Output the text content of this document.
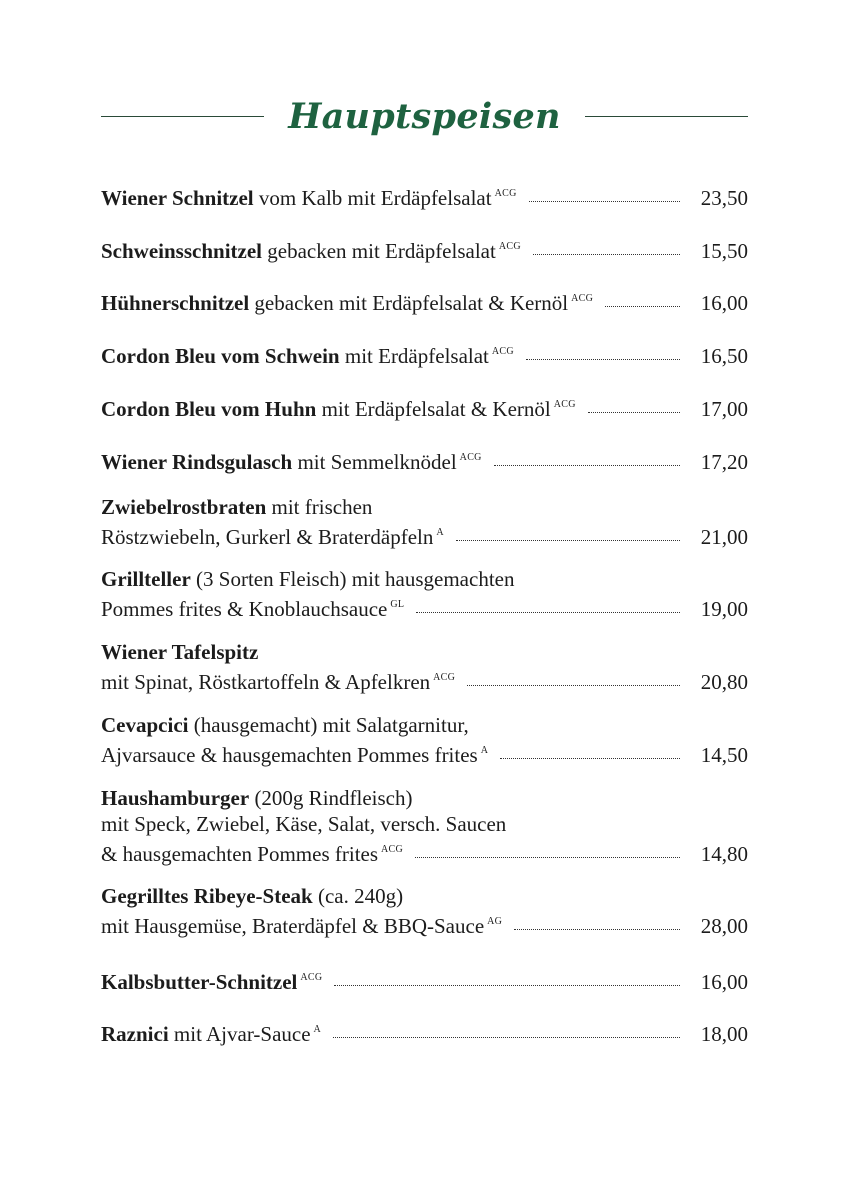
Hauptspeisen
Wiener Schnitzel vom Kalb mit Erdäpfelsalat $^{ACG}$	23,50
Schweinsschnitzel gebacken mit Erdäpfelsalat $^{ACG}$	15,50
Hühnerschnitzel gebacken mit Erdäpfelsalat & Kernöl $^{ACG}$	16,00
Cordon Bleu vom Schwein mit Erdäpfelsalat $^{ACG}$	16,50
Cordon Bleu vom Huhn mit Erdäpfelsalat & Kernöl $^{ACG}$	17,00
Wiener Rindsgulasch mit Semmelknödel $^{ACG}$	17,20
Zwiebelrostbraten mit frischen
Röstzwiebeln, Gurkerl & Braterdäpfeln $^A$	21,00
Grillteller (3 Sorten Fleisch) mit hausgemachten
Pommes frites & Knoblauchsauce $^{GL}$	19,00
Wiener Tafelspitz
mit Spinat, Röstkartoffeln & Apfelkren $^{ACG}$	20,80
Cevapcici (hausgemacht) mit Salatgarnitur,
Ajvarsauce & hausgemachten Pommes frites $^A$	14,50
Haushamburger (200g Rindfleisch)
mit Speck, Zwiebel, Käse, Salat, versch. Saucen
& hausgemachten Pommes frites $^{ACG}$	14,80
Gegrilltes Ribeye-Steak (ca. 240g)
mit Hausgemüse, Braterdäpfel & BBQ-Sauce $^{AG}$	28,00
Kalbsbutter-Schnitzel $^{ACG}$	16,00
Raznici mit Ajvar-Sauce $^A$	18,00
